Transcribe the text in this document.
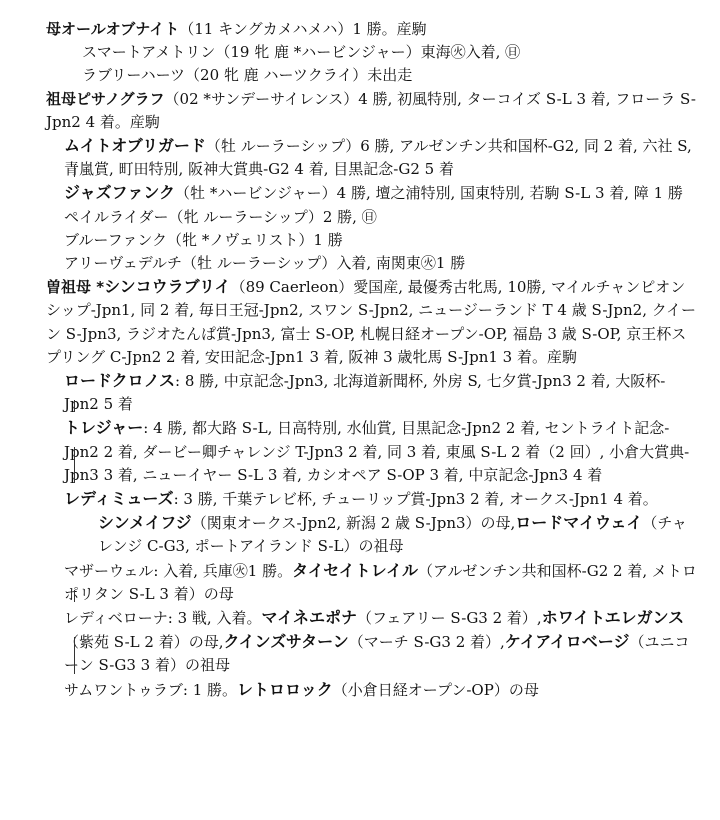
母オールオブナイト（11 キングカメハメハ）1 勝。産駒
スマートアメトリン（19 牝 鹿 *ハービンジャー）東海㊋入着, ㊐
ラブリーハーツ（20 牝 鹿 ハーツクライ）未出走
祖母ピサノグラフ（02 *サンデーサイレンス）4 勝, 初風特別, ターコイズ S-L 3 着, フローラ S-Jpn2 4 着。産駒
ムイトオブリガード（牡 ルーラーシップ）6 勝, アルゼンチン共和国杯-G2, 同 2 着, 六社 S, 青嵐賞, 町田特別, 阪神大賞典-G2 4 着, 目黒記念-G2 5 着
ジャズファンク（牡 *ハービンジャー）4 勝, 壇之浦特別, 国東特別, 若駒 S-L 3 着, 障 1 勝
ペイルライダー（牝 ルーラーシップ）2 勝, ㊐
ブルーファンク（牝 *ノヴェリスト）1 勝
アリーヴェデルチ（牡 ルーラーシップ）入着, 南関東㊋1 勝
曽祖母 *シンコウラブリイ（89 Caerleon）愛国産, 最優秀古牝馬, 10勝, マイルチャンピオンシップ-Jpn1, 同 2 着, 毎日王冠-Jpn2, スワン S-Jpn2, ニュージーランド T 4 歳 S-Jpn2, クイーン S-Jpn3, ラジオたんぱ賞-Jpn3, 富士 S-OP, 札幌日経オープン-OP, 福島 3 歳 S-OP, 京王杯スプリング C-Jpn2 2 着, 安田記念-Jpn1 3 着, 阪神 3 歳牝馬 S-Jpn1 3 着。産駒
ロードクロノス: 8 勝, 中京記念-Jpn3, 北海道新聞杯, 外房 S, 七夕賞-Jpn3 2 着, 大阪杯-Jpn2 5 着
トレジャー: 4 勝, 都大路 S-L, 日高特別, 水仙賞, 目黒記念-Jpn2 2 着, セントライト記念-Jpn2 2 着, ダービー卿チャレンジ T-Jpn3 2 着, 同 3 着, 東風 S-L 2 着（2 回）, 小倉大賞典-Jpn3 3 着, ニューイヤー S-L 3 着, カシオペア S-OP 3 着, 中京記念-Jpn3 4 着
レディミューズ: 3 勝, 千葉テレビ杯, チューリップ賞-Jpn3 2 着, オークス-Jpn1 4 着。
シンメイフジ（関東オークス-Jpn2, 新潟 2 歳 S-Jpn3）の母,ロードマイウェイ（チャレンジ C-G3, ポートアイランド S-L）の祖母
マザーウェル: 入着, 兵庫㊋1 勝。タイセイトレイル（アルゼンチン共和国杯-G2 2 着, メトロポリタン S-L 3 着）の母
レディベローナ: 3 戦, 入着。マイネエポナ（フェアリー S-G3 2 着）,ホワイトエレガンス（紫苑 S-L 2 着）の母,クインズサターン（マーチ S-G3 2 着）,ケイアイロベージ（ユニコーン S-G3 3 着）の祖母
サムワントゥラブ: 1 勝。レトロロック（小倉日経オープン-OP）の母
